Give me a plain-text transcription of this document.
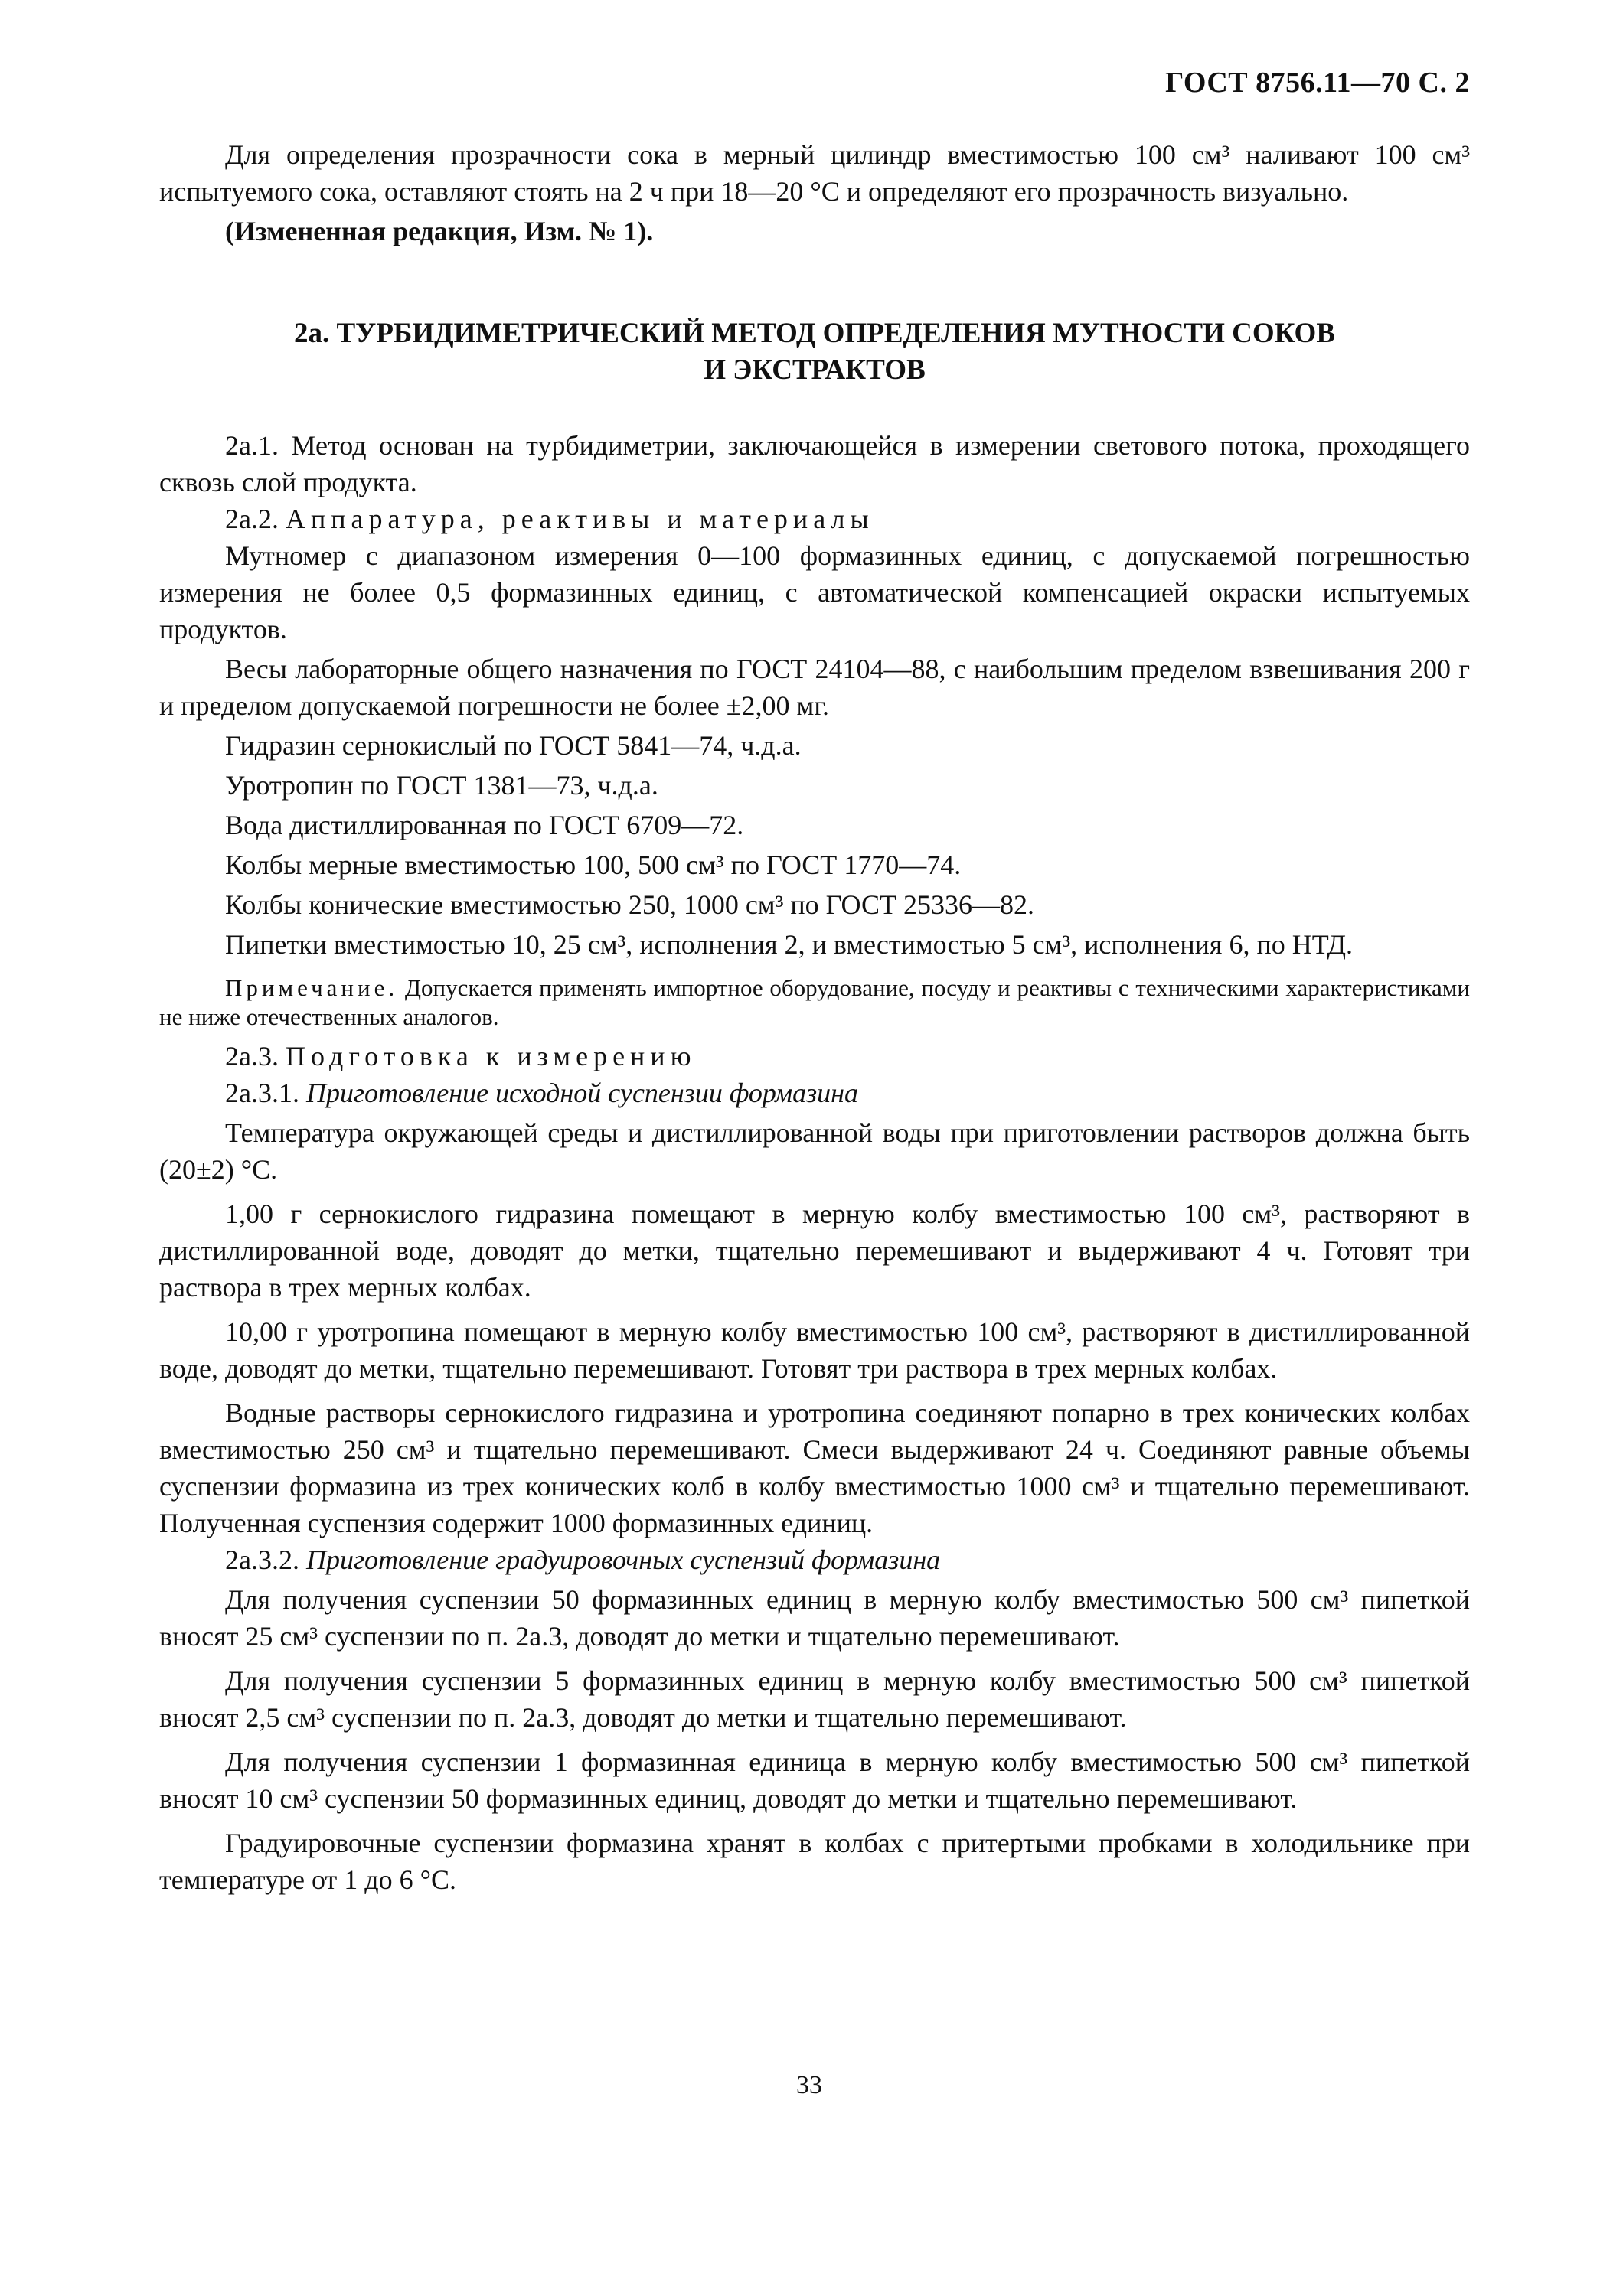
ГОСТ 8756.11—70 С. 2

Для определения прозрачности сока в мерный цилиндр вместимостью 100 см³ наливают 100 см³ испытуемого сока, оставляют стоять на 2 ч при 18—20 °С и определяют его прозрачность визуально.

(Измененная редакция, Изм. № 1).

2а. ТУРБИДИМЕТРИЧЕСКИЙ МЕТОД ОПРЕДЕЛЕНИЯ МУТНОСТИ СОКОВ
И ЭКСТРАКТОВ

2а.1. Метод основан на турбидиметрии, заключающейся в измерении светового потока, проходящего сквозь слой продукта.

2а.2. Аппаратура, реактивы и материалы

Мутномер с диапазоном измерения 0—100 формазинных единиц, с допускаемой погрешностью измерения не более 0,5 формазинных единиц, с автоматической компенсацией окраски испытуемых продуктов.

Весы лабораторные общего назначения по ГОСТ 24104—88, с наибольшим пределом взвешивания 200 г и пределом допускаемой погрешности не более ±2,00 мг.

Гидразин сернокислый по ГОСТ 5841—74, ч.д.а.

Уротропин по ГОСТ 1381—73, ч.д.а.

Вода дистиллированная по ГОСТ 6709—72.

Колбы мерные вместимостью 100, 500 см³ по ГОСТ 1770—74.

Колбы конические вместимостью 250, 1000 см³ по ГОСТ 25336—82.

Пипетки вместимостью 10, 25 см³, исполнения 2, и вместимостью 5 см³, исполнения 6, по НТД.

Примечание. Допускается применять импортное оборудование, посуду и реактивы с техническими характеристиками не ниже отечественных аналогов.

2а.3. Подготовка к измерению

2а.3.1. Приготовление исходной суспензии формазина

Температура окружающей среды и дистиллированной воды при приготовлении растворов должна быть (20±2) °С.

1,00 г сернокислого гидразина помещают в мерную колбу вместимостью 100 см³, растворяют в дистиллированной воде, доводят до метки, тщательно перемешивают и выдерживают 4 ч. Готовят три раствора в трех мерных колбах.

10,00 г уротропина помещают в мерную колбу вместимостью 100 см³, растворяют в дистиллированной воде, доводят до метки, тщательно перемешивают. Готовят три раствора в трех мерных колбах.

Водные растворы сернокислого гидразина и уротропина соединяют попарно в трех конических колбах вместимостью 250 см³ и тщательно перемешивают. Смеси выдерживают 24 ч. Соединяют равные объемы суспензии формазина из трех конических колб в колбу вместимостью 1000 см³ и тщательно перемешивают. Полученная суспензия содержит 1000 формазинных единиц.

2а.3.2. Приготовление градуировочных суспензий формазина

Для получения суспензии 50 формазинных единиц в мерную колбу вместимостью 500 см³ пипеткой вносят 25 см³ суспензии по п. 2а.3, доводят до метки и тщательно перемешивают.

Для получения суспензии 5 формазинных единиц в мерную колбу вместимостью 500 см³ пипеткой вносят 2,5 см³ суспензии по п. 2а.3, доводят до метки и тщательно перемешивают.

Для получения суспензии 1 формазинная единица в мерную колбу вместимостью 500 см³ пипеткой вносят 10 см³ суспензии 50 формазинных единиц, доводят до метки и тщательно перемешивают.

Градуировочные суспензии формазина хранят в колбах с притертыми пробками в холодильнике при температуре от 1 до 6 °С.

33
